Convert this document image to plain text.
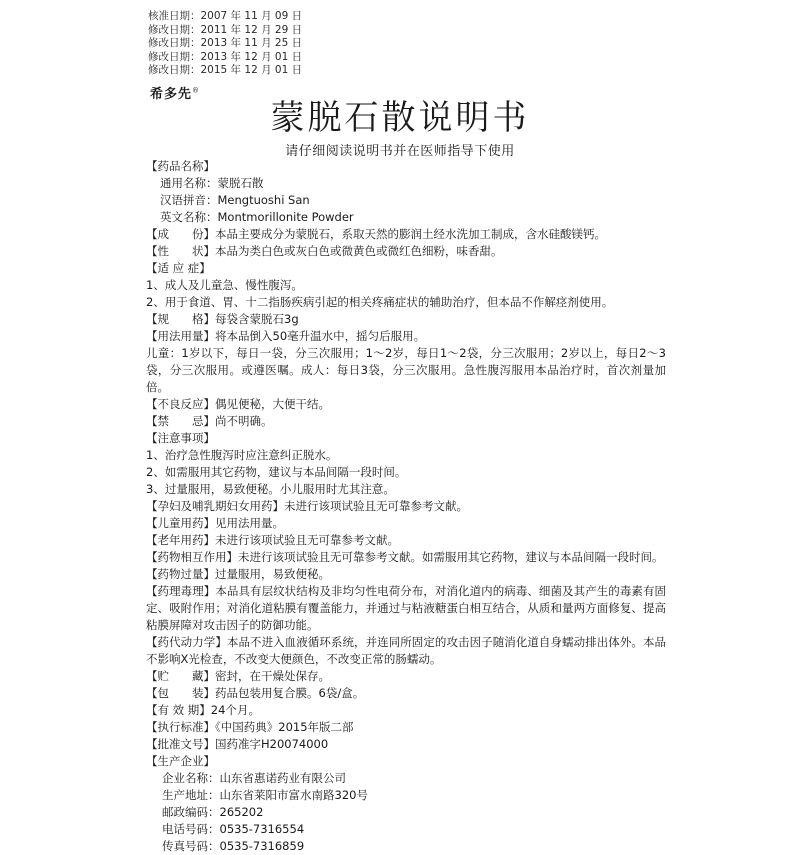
核准日期：2007 年 11 月 09 日
修改日期：2011 年 12 月 29 日
修改日期：2013 年 11 月 25 日
修改日期：2013 年 12 月 01 日
修改日期：2015 年 12 月 01 日
希多先®
蒙脱石散说明书
请仔细阅读说明书并在医师指导下使用
【药品名称】
通用名称：蒙脱石散
汉语拼音：Mengtuoshi San
英文名称：Montmorillonite Powder
【成　　份】本品主要成分为蒙脱石，系取天然的膨润土经水洗加工制成，含水硅酸镁钙。
【性　　状】本品为类白色或灰白色或微黄色或微红色细粉，味香甜。
【适 应 症】
1、成人及儿童急、慢性腹泻。
2、用于食道、胃、十二指肠疾病引起的相关疼痛症状的辅助治疗，但本品不作解痉剂使用。
【规　　格】每袋含蒙脱石3g
【用法用量】将本品倒入50毫升温水中，摇匀后服用。
儿童：1岁以下，每日一袋，分三次服用；1～2岁，每日1～2袋，分三次服用；2岁以上，每日2～3袋，分三次服用。或遵医嘱。成人：每日3袋，分三次服用。急性腹泻服用本品治疗时，首次剂量加倍。
【不良反应】偶见便秘，大便干结。
【禁　　忌】尚不明确。
【注意事项】
1、治疗急性腹泻时应注意纠正脱水。
2、如需服用其它药物，建议与本品间隔一段时间。
3、过量服用，易致便秘。小儿服用时尤其注意。
【孕妇及哺乳期妇女用药】未进行该项试验且无可靠参考文献。
【儿童用药】见用法用量。
【老年用药】未进行该项试验且无可靠参考文献。
【药物相互作用】未进行该项试验且无可靠参考文献。如需服用其它药物，建议与本品间隔一段时间。
【药物过量】过量服用，易致便秘。
【药理毒理】本品具有层纹状结构及非均匀性电荷分布，对消化道内的病毒、细菌及其产生的毒素有固定、吸附作用；对消化道粘膜有覆盖能力，并通过与粘液糖蛋白相互结合，从质和量两方面修复、提高粘膜屏障对攻击因子的防御功能。
【药代动力学】本品不进入血液循环系统，并连同所固定的攻击因子随消化道自身蠕动排出体外。本品不影响X光检查，不改变大便颜色，不改变正常的肠蠕动。
【贮　　藏】密封，在干燥处保存。
【包　　装】药品包装用复合膜。6袋/盒。
【有 效 期】24个月。
【执行标准】《中国药典》2015年版二部
【批准文号】国药准字H20074000
【生产企业】
企业名称：山东省惠诺药业有限公司
生产地址：山东省莱阳市富水南路320号
邮政编码：265202
电话号码：0535-7316554
传真号码：0535-7316859
